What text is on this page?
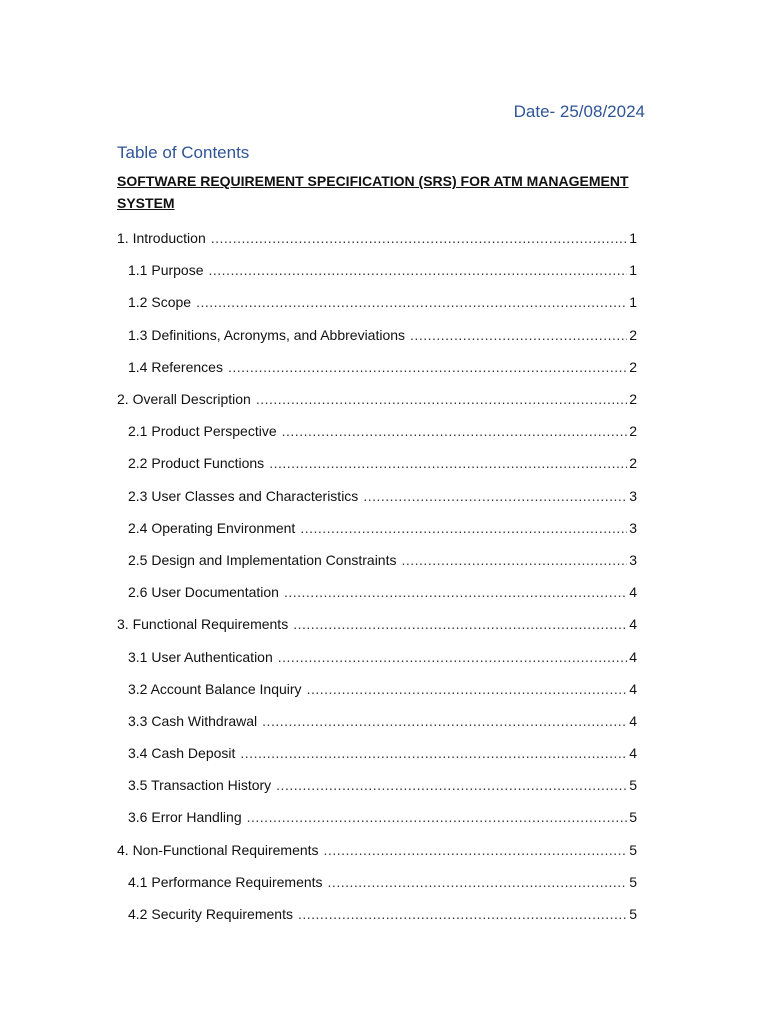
Date- 25/08/2024
Table of Contents
SOFTWARE REQUIREMENT SPECIFICATION (SRS) FOR ATM MANAGEMENT SYSTEM
1. Introduction .....	1
1.1 Purpose .....	1
1.2 Scope .....	1
1.3 Definitions, Acronyms, and Abbreviations .....	2
1.4 References .....	2
2. Overall Description .....	2
2.1 Product Perspective .....	2
2.2 Product Functions .....	2
2.3 User Classes and Characteristics .....	3
2.4 Operating Environment .....	3
2.5 Design and Implementation Constraints .....	3
2.6 User Documentation .....	4
3. Functional Requirements .....	4
3.1 User Authentication .....	4
3.2 Account Balance Inquiry .....	4
3.3 Cash Withdrawal .....	4
3.4 Cash Deposit .....	4
3.5 Transaction History .....	5
3.6 Error Handling .....	5
4. Non-Functional Requirements .....	5
4.1 Performance Requirements .....	5
4.2 Security Requirements .....	5
